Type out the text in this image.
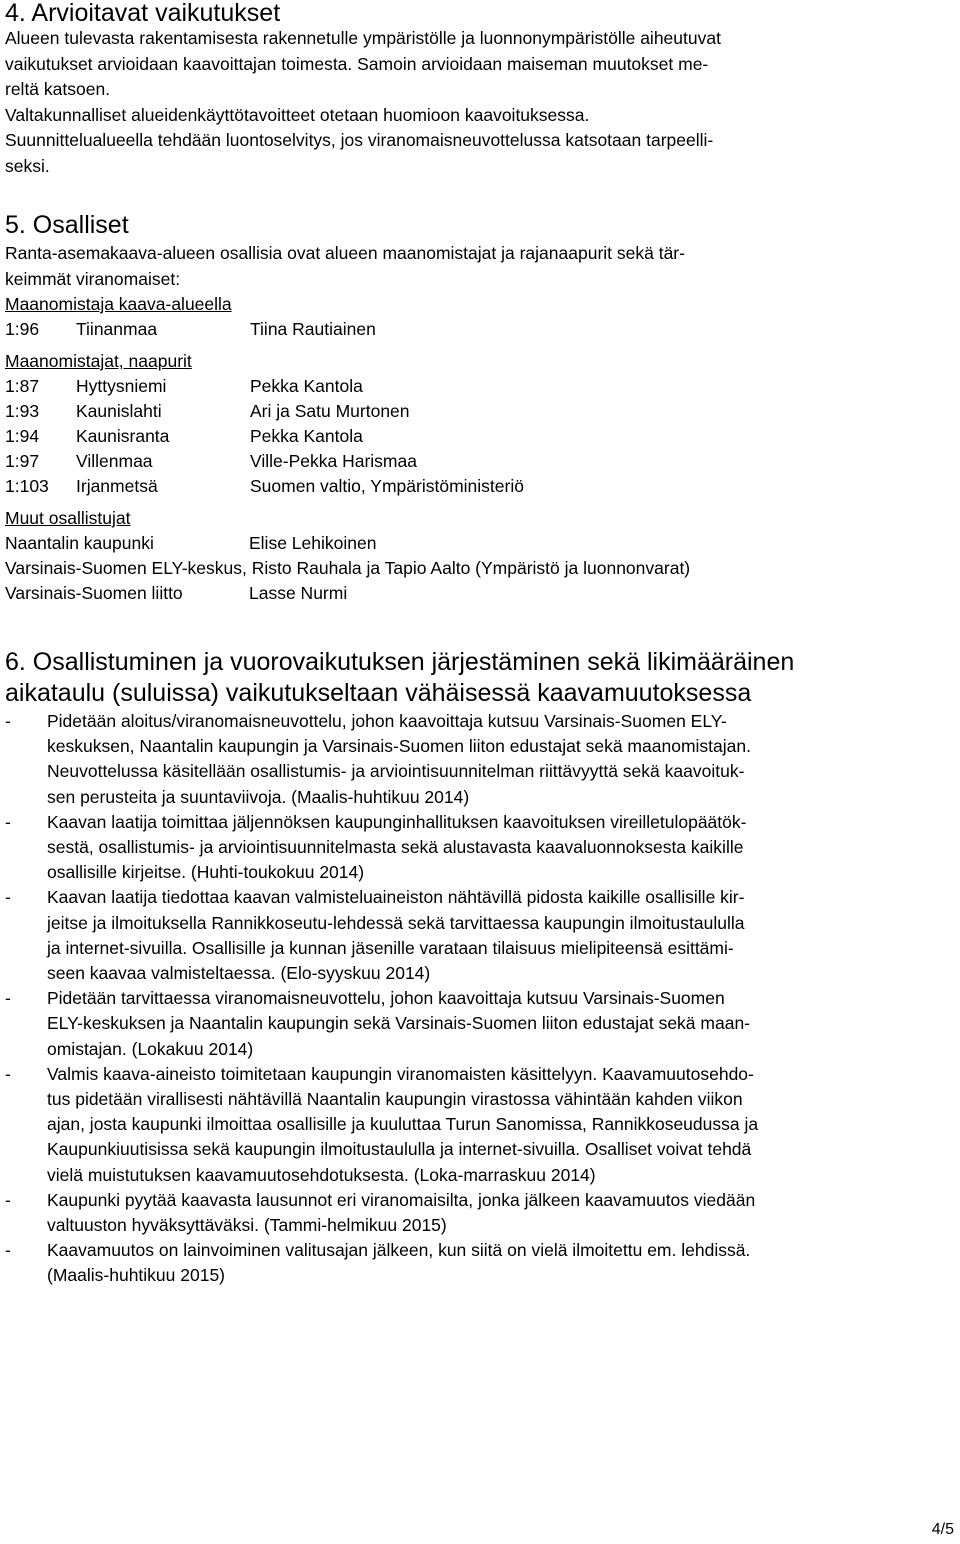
4. Arvioitavat vaikutukset

Alueen tulevasta rakentamisesta rakennetulle ympäristölle ja luonnonympäristölle aiheutuvat

vaikutukset arvioidaan kaavoittajan toimesta. Samoin arvioidaan maiseman muutokset me-

reltä katsoen.

Valtakunnalliset alueidenkäyttötavoitteet otetaan huomioon kaavoituksessa.

Suunnittelualueella tehdään luontoselvitys, jos viranomaisneuvottelussa katsotaan tarpeelli-

seksi.

5. Osalliset

Ranta-asemakaava-alueen osallisia ovat alueen maanomistajat ja rajanaapurit sekä tär-

keimmät viranomaiset:

Maanomistaja kaava-alueella
1:96	Tiinanmaa	Tiina Rautiainen
Maanomistajat, naapurit
1:87	Hyttysniemi	Pekka Kantola
1:93	Kaunislahti	Ari ja Satu Murtonen
1:94	Kaunisranta	Pekka Kantola
1:97	Villenmaa	Ville-Pekka Harismaa
1:103	Irjanmetsä	Suomen valtio, Ympäristöministeriö
Muut osallistujat
Naantalin kaupunki	Elise Lehikoinen
Varsinais-Suomen ELY-keskus, Risto Rauhala ja Tapio Aalto (Ympäristö ja luonnonvarat)
Varsinais-Suomen liitto	Lasse Nurmi
6. Osallistuminen ja vuorovaikutuksen järjestäminen sekä likimääräinen
aikataulu (suluissa) vaikutukseltaan vähäisessä kaavamuutoksessa
- Pidetään aloitus/viranomaisneuvottelu, johon kaavoittaja kutsuu Varsinais-Suomen ELY-
keskuksen, Naantalin kaupungin ja Varsinais-Suomen liiton edustajat sekä maanomistajan.
Neuvottelussa käsitellään osallistumis- ja arviointisuunnitelman riittävyyttä sekä kaavoituk-
sen perusteita ja suuntaviivoja. (Maalis-huhtikuu 2014)
- Kaavan laatija toimittaa jäljennöksen kaupunginhallituksen kaavoituksen vireilletulopäätök-
sestä, osallistumis- ja arviointisuunnitelmasta sekä alustavasta kaavaluonnoksesta kaikille
osallisille kirjeitse. (Huhti-toukokuu 2014)
- Kaavan laatija tiedottaa kaavan valmisteluaineiston nähtävillä pidosta kaikille osallisille kir-
jeitse ja ilmoituksella Rannikkoseutu-lehdessä sekä tarvittaessa kaupungin ilmoitustaululla
ja internet-sivuilla. Osallisille ja kunnan jäsenille varataan tilaisuus mielipiteensä esittämi-
seen kaavaa valmisteltaessa. (Elo-syyskuu 2014)
- Pidetään tarvittaessa viranomaisneuvottelu, johon kaavoittaja kutsuu Varsinais-Suomen
ELY-keskuksen ja Naantalin kaupungin sekä Varsinais-Suomen liiton edustajat sekä maan-
omistajan. (Lokakuu 2014)
- Valmis kaava-aineisto toimitetaan kaupungin viranomaisten käsittelyyn. Kaavamuutosehdo-
tus pidetään virallisesti nähtävillä Naantalin kaupungin virastossa vähintään kahden viikon
ajan, josta kaupunki ilmoittaa osallisille ja kuuluttaa Turun Sanomissa, Rannikkoseudussa ja
Kaupunkiuutisissa sekä kaupungin ilmoitustaululla ja internet-sivuilla. Osalliset voivat tehdä
vielä muistutuksen kaavamuutosehdotuksesta. (Loka-marraskuu 2014)
- Kaupunki pyytää kaavasta lausunnot eri viranomaisilta, jonka jälkeen kaavamuutos viedään
valtuuston hyväksyttäväksi. (Tammi-helmikuu 2015)
- Kaavamuutos on lainvoiminen valitusajan jälkeen, kun siitä on vielä ilmoitettu em. lehdissä.
(Maalis-huhtikuu 2015)
4/5
